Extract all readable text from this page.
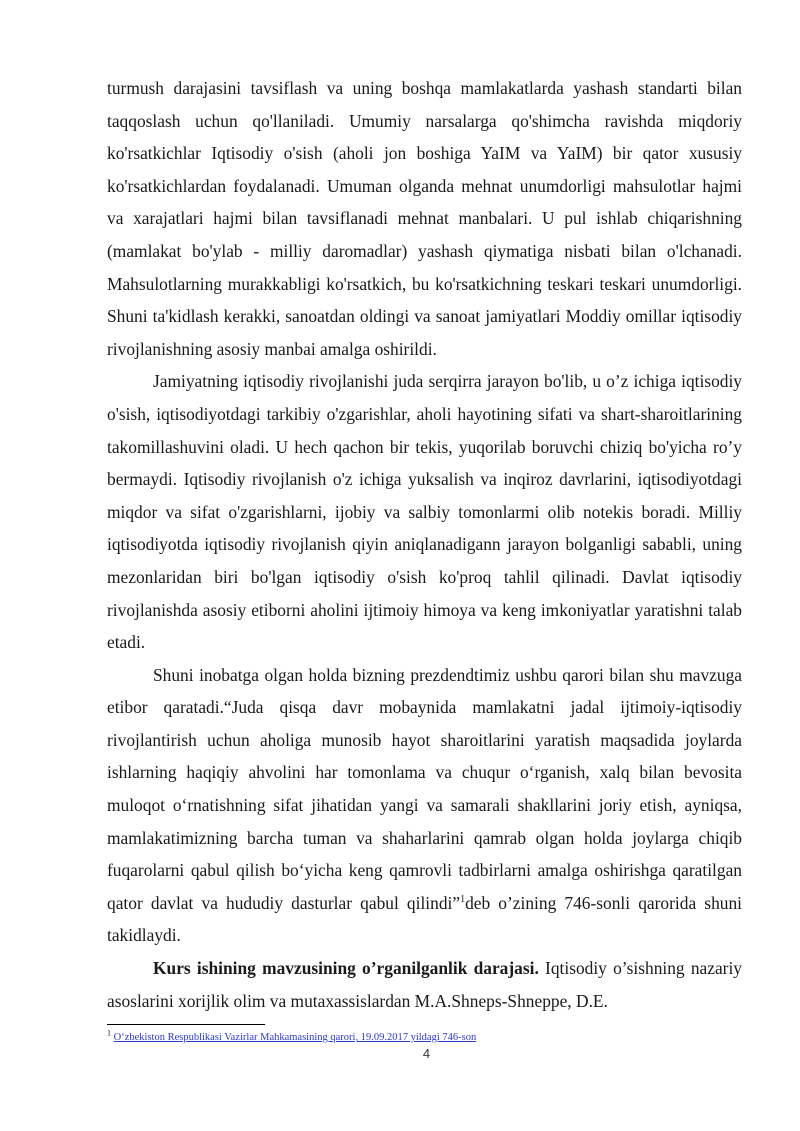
turmush darajasini tavsiflash va uning boshqa mamlakatlarda yashash standarti bilan taqqoslash uchun qo'llaniladi. Umumiy narsalarga qo'shimcha ravishda miqdoriy ko'rsatkichlar Iqtisodiy o'sish (aholi jon boshiga YaIM va YaIM) bir qator xususiy ko'rsatkichlardan foydalanadi. Umuman olganda mehnat unumdorligi mahsulotlar hajmi va xarajatlari hajmi bilan tavsiflanadi mehnat manbalari. U pul ishlab chiqarishning (mamlakat bo'ylab - milliy daromadlar) yashash qiymatiga nisbati bilan o'lchanadi. Mahsulotlarning murakkabligi ko'rsatkich, bu ko'rsatkichning teskari teskari unumdorligi. Shuni ta'kidlash kerakki, sanoatdan oldingi va sanoat jamiyatlari Moddiy omillar iqtisodiy rivojlanishning asosiy manbai amalga oshirildi.

Jamiyatning iqtisodiy rivojlanishi juda serqirra jarayon bo'lib, u o’z ichiga iqtisodiy o'sish, iqtisodiyotdagi tarkibiy o'zgarishlar, aholi hayotining sifati va shart-sharoitlarining takomillashuvini oladi. U hech qachon bir tekis, yuqorilab boruvchi chiziq bo'yicha ro’y bermaydi. Iqtisodiy rivojlanish o'z ichiga yuksalish va inqiroz davrlarini, iqtisodiyotdagi miqdor va sifat o'zgarishlarni, ijobiy va salbiy tomonlarmi olib notekis boradi. Milliy iqtisodiyotda iqtisodiy rivojlanish qiyin aniqlanadigann jarayon bolganligi sababli, uning mezonlaridan biri bo'lgan iqtisodiy o'sish ko'proq tahlil qilinadi. Davlat iqtisodiy rivojlanishda asosiy etiborni aholini ijtimoiy himoya va keng imkoniyatlar yaratishni talab etadi.

Shuni inobatga olgan holda bizning prezdendtimiz ushbu qarori bilan shu mavzuga etibor qaratadi.“Juda qisqa davr mobaynida mamlakatni jadal ijtimoiy-iqtisodiy rivojlantirish uchun aholiga munosib hayot sharoitlarini yaratish maqsadida joylarda ishlarning haqiqiy ahvolini har tomonlama va chuqur o‘rganish, xalq bilan bevosita muloqot o‘rnatishning sifat jihatidan yangi va samarali shakllarini joriy etish, ayniqsa, mamlakatimizning barcha tuman va shaharlarini qamrab olgan holda joylarga chiqib fuqarolarni qabul qilish bo‘yicha keng qamrovli tadbirlarni amalga oshirishga qaratilgan qator davlat va hududiy dasturlar qabul qilindi”$^1$deb o’zining 746-sonli qarorida shuni takidlaydi.

Kurs ishining mavzusining o’rganilganlik darajasi. Iqtisodiy o’sishning nazariy asoslarini xorijlik olim va mutaxassislardan M.A.Shneps-Shneppe, D.E.

$^1$ O‘zbekiston Respublikasi Vazirlar Mahkamasining qarori, 19.09.2017 yildagi 746-son
4
